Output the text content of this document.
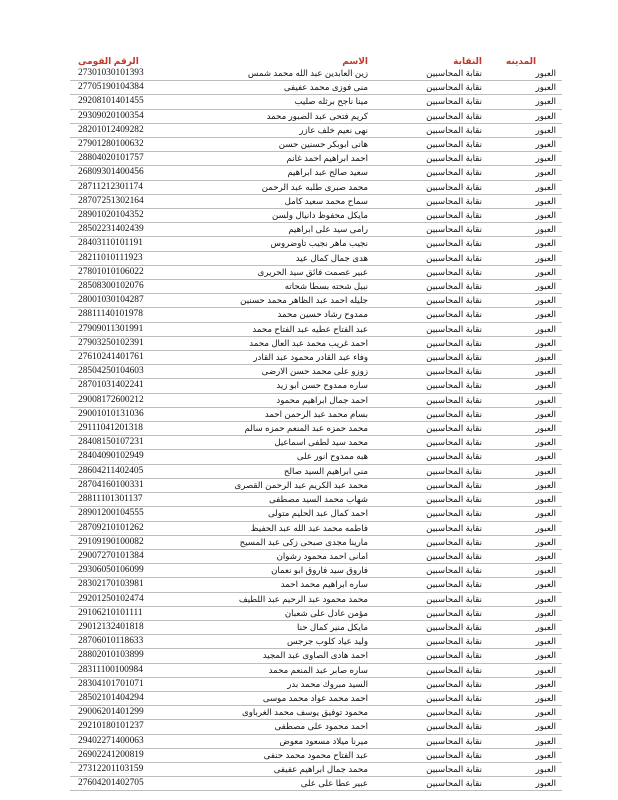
الرقم القومى	الاسم	النقابة	المدينه
27301030101393	زين العابدين عبد الله محمد شمس	نقابة المحاسبين	العبور
27705190104384	منى فوزى محمد عفيفى	نقابة المحاسبين	العبور
29208101401455	مينا ناجح برثله صليب	نقابة المحاسبين	العبور
29309020100354	كريم فتحى عبد الصبور محمد	نقابة المحاسبين	العبور
28201012409282	نهى نعيم خلف عازر	نقابة المحاسبين	العبور
27901280100632	هانى ابوبكر حسنين حسن	نقابة المحاسبين	العبور
28804020101757	احمد ابراهيم احمد غانم	نقابة المحاسبين	العبور
26809301400456	سعيد صالح عبد ابراهيم	نقابة المحاسبين	العبور
28711212301174	محمد صبرى طلبه عبد الرحمن	نقابة المحاسبين	العبور
28707251302164	سماح محمد سعيد كامل	نقابة المحاسبين	العبور
28901020104352	مايكل محفوظ دانيال ولسن	نقابة المحاسبين	العبور
28502231402439	رامى سيد على ابراهيم	نقابة المحاسبين	العبور
28403110101191	نجيب ماهر نجيب تاوضروس	نقابة المحاسبين	العبور
28211010111923	هدى جمال كمال عيد	نقابة المحاسبين	العبور
27801010106022	عبير عصمت فائق سيد الحريرى	نقابة المحاسبين	العبور
28508300102076	نبيل شحته بسطا شحاته	نقابة المحاسبين	العبور
28001030104287	جليله احمد عبد الظاهر محمد حسنين	نقابة المحاسبين	العبور
28811140101978	ممدوح رشاد حسين محمد	نقابة المحاسبين	العبور
27909011301991	عبد الفتاح عطيه عبد الفتاح محمد	نقابة المحاسبين	العبور
27903250102391	احمد غريب محمد عبد العال محمد	نقابة المحاسبين	العبور
27610241401761	وفاء عبد القادر محمود عبد القادر	نقابة المحاسبين	العبور
28504250104603	زوزو على محمد حسن الارضى	نقابة المحاسبين	العبور
28701031402241	ساره ممدوح حسن ابو زيد	نقابة المحاسبين	العبور
29008172600212	احمد جمال ابراهيم محمود	نقابة المحاسبين	العبور
29001010131036	بسام محمد عبد الرحمن احمد	نقابة المحاسبين	العبور
29111041201318	محمد حمزه عبد المنعم حمزه سالم	نقابة المحاسبين	العبور
28408150107231	محمد سيد لطفى اسماعيل	نقابة المحاسبين	العبور
28404090102949	هبه ممدوح انور على	نقابة المحاسبين	العبور
28604211402405	منى ابراهيم السيد صالح	نقابة المحاسبين	العبور
28704160100331	محمد عبد الكريم عبد الرحمن القصرى	نقابة المحاسبين	العبور
28811101301137	شهاب محمد السيد مصطفى	نقابة المحاسبين	العبور
28901200104555	احمد كمال عبد الحليم متولى	نقابة المحاسبين	العبور
28709210101262	فاطمه محمد عبد الله عبد الحفيظ	نقابة المحاسبين	العبور
29109190100082	مارينا مجدى صبحى زكى عبد المسيح	نقابة المحاسبين	العبور
29007270101384	امانى احمد محمود رشوان	نقابة المحاسبين	العبور
29306050106099	فاروق سيد فاروق ابو نعمان	نقابة المحاسبين	العبور
28302170103981	ساره ابراهيم محمد احمد	نقابة المحاسبين	العبور
29201250102474	محمد محمود عبد الرحيم عبد اللطيف	نقابة المحاسبين	العبور
29106210101111	مؤمن عادل على شعبان	نقابة المحاسبين	العبور
29012132401818	مايكل منير كمال حنا	نقابة المحاسبين	العبور
28706010118633	وليد عياد كلوب جرجس	نقابة المحاسبين	العبور
28802010103899	احمد هادى الصاوى عبد المجيد	نقابة المحاسبين	العبور
28311100100984	ساره صابر عبد المنعم محمد	نقابة المحاسبين	العبور
28304101701071	السيد مبروك محمد بدر	نقابة المحاسبين	العبور
28502101404294	احمد محمد عواد محمد موسى	نقابة المحاسبين	العبور
29006201401299	محمود توفيق يوسف محمد الغرباوى	نقابة المحاسبين	العبور
29210180101237	احمد محمود على مصطفى	نقابة المحاسبين	العبور
29402271400063	ميرنا ميلاد مسعود معوض	نقابة المحاسبين	العبور
26902241200819	عبد الفتاح محمود محمد حنفى	نقابة المحاسبين	العبور
27312201103159	محمد جمال ابراهيم عفيفى	نقابة المحاسبين	العبور
27604201402705	عبير عطا على على	نقابة المحاسبين	العبور
